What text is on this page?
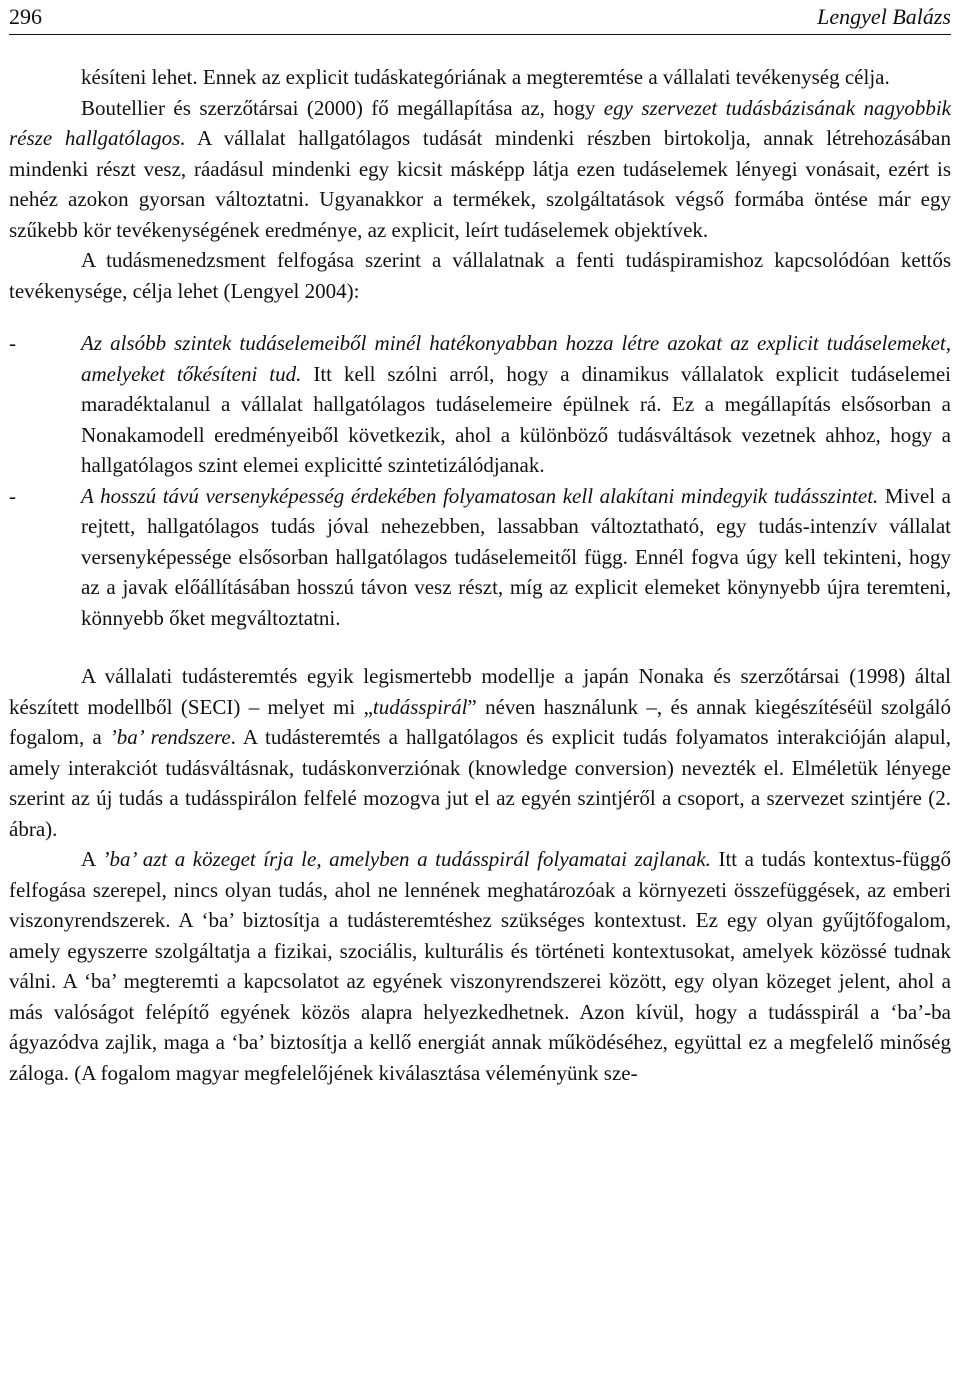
296	Lengyel Balázs

késíteni lehet. Ennek az explicit tudáskategóriának a megteremtése a vállalati tevékenység célja.

Boutellier és szerzőtársai (2000) fő megállapítása az, hogy egy szervezet tudásbázisának nagyobbik része hallgatólagos. A vállalat hallgatólagos tudását mindenki részben birtokolja, annak létrehozásában mindenki részt vesz, ráadásul mindenki egy kicsit másképp látja ezen tudáselemek lényegi vonásait, ezért is nehéz azokon gyorsan változtatni. Ugyanakkor a termékek, szolgáltatások végső formába öntése már egy szűkebb kör tevékenységének eredménye, az explicit, leírt tudáselemek objektívek.

A tudásmenedzsment felfogása szerint a vállalatnak a fenti tudáspiramishoz kapcsolódóan kettős tevékenysége, célja lehet (Lengyel 2004):

-	Az alsóbb szintek tudáselemeiből minél hatékonyabban hozza létre azokat az explicit tudáselemeket, amelyeket tőkésíteni tud. Itt kell szólni arról, hogy a dinamikus vállalatok explicit tudáselemei maradéktalanul a vállalat hallgatólagos tudáselemeire épülnek rá. Ez a megállapítás elsősorban a Nonakamodell eredményeiből következik, ahol a különböző tudásváltások vezetnek ahhoz, hogy a hallgatólagos szint elemei explicitté szintetizálódjanak.
-	A hosszú távú versenyképesség érdekében folyamatosan kell alakítani mindegyik tudásszintet. Mivel a rejtett, hallgatólagos tudás jóval nehezebben, lassabban változtatható, egy tudás-intenzív vállalat versenyképessége elsősorban hallgatólagos tudáselemeitől függ. Ennél fogva úgy kell tekinteni, hogy az a javak előállításában hosszú távon vesz részt, míg az explicit elemeket könynyebb újra teremteni, könnyebb őket megváltoztatni.

A vállalati tudásteremtés egyik legismertebb modellje a japán Nonaka és szerzőtársai (1998) által készített modellből (SECI) – melyet mi „tudásspirál” néven használunk –, és annak kiegészítéséül szolgáló fogalom, a ’ba’ rendszere. A tudásteremtés a hallgatólagos és explicit tudás folyamatos interakcióján alapul, amely interakciót tudásváltásnak, tudáskonverziónak (knowledge conversion) nevezték el. Elméletük lényege szerint az új tudás a tudásspirálon felfelé mozogva jut el az egyén szintjéről a csoport, a szervezet szintjére (2. ábra).

A ’ba’ azt a közeget írja le, amelyben a tudásspirál folyamatai zajlanak. Itt a tudás kontextus-függő felfogása szerepel, nincs olyan tudás, ahol ne lennének meghatározóak a környezeti összefüggések, az emberi viszonyrendszerek. A ‘ba’ biztosítja a tudásteremtéshez szükséges kontextust. Ez egy olyan gyűjtőfogalom, amely egyszerre szolgáltatja a fizikai, szociális, kulturális és történeti kontextusokat, amelyek közössé tudnak válni. A ‘ba’ megteremti a kapcsolatot az egyének viszonyrendszerei között, egy olyan közeget jelent, ahol a más valóságot felépítő egyének közös alapra helyezkedhetnek. Azon kívül, hogy a tudásspirál a ‘ba’-ba ágyazódva zajlik, maga a ‘ba’ biztosítja a kellő energiát annak működéséhez, együttal ez a megfelelő minőség záloga. (A fogalom magyar megfelelőjének kiválasztása véleményünk sze-
